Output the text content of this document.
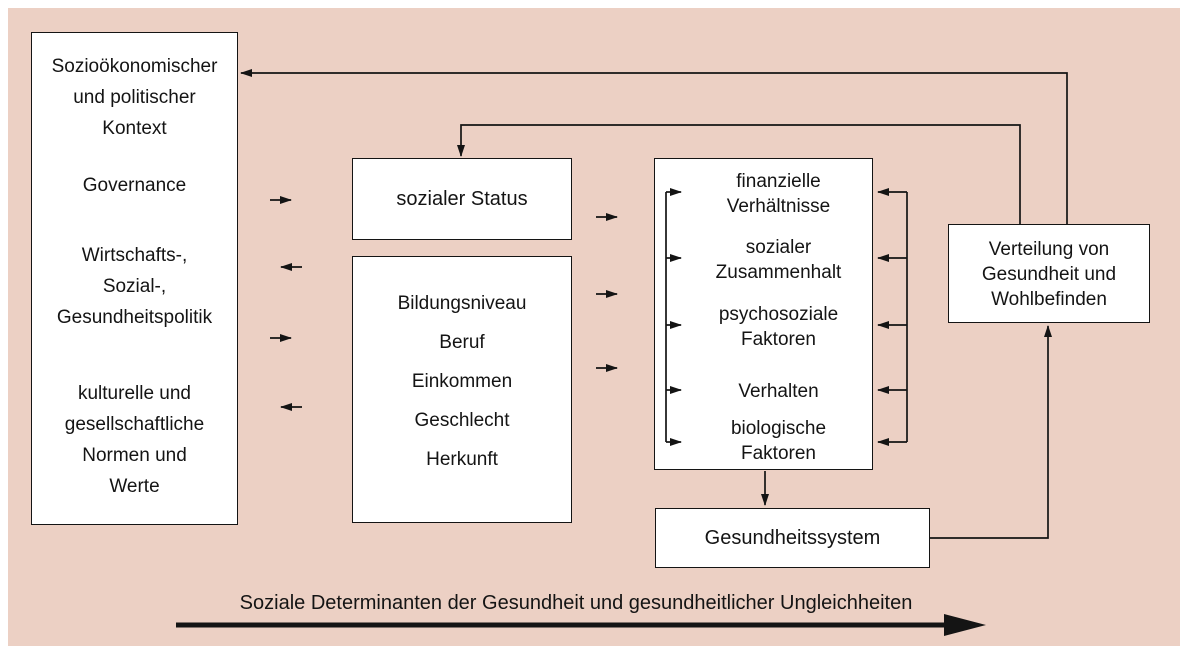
Sozioökonomischer
und politischer
Kontext
Governance
Wirtschafts-,
Sozial-,
Gesundheitspolitik
kulturelle und
gesellschaftliche
Normen und
Werte
sozialer Status
Bildungsniveau
Beruf
Einkommen
Geschlecht
Herkunft
finanzielle
Verhältnisse
sozialer
Zusammenhalt
psychosoziale
Faktoren
Verhalten
biologische
Faktoren
Verteilung von
Gesundheit und
Wohlbefinden
Gesundheitssystem
Soziale Determinanten der Gesundheit und gesundheitlicher Ungleichheiten
